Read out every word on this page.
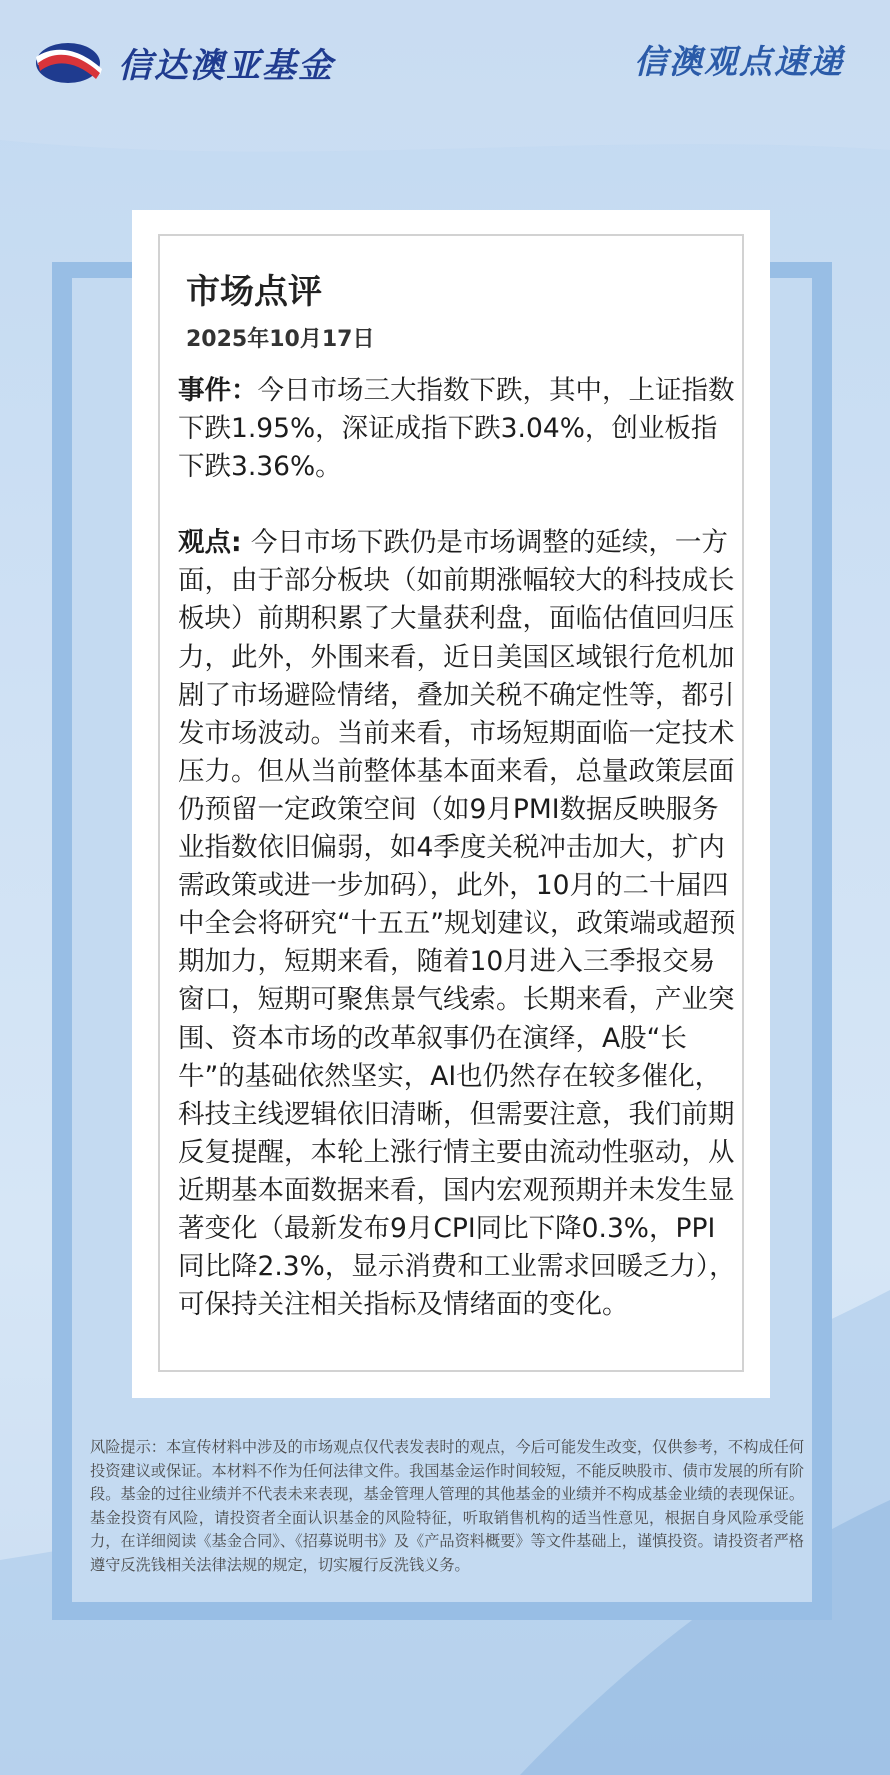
信达澳亚基金	信澳观点速递
市场点评
2025年10月17日

事件：今日市场三大指数下跌，其中，上证指数下跌1.95%，深证成指下跌3.04%，创业板指下跌3.36%。

观点: 今日市场下跌仍是市场调整的延续，一方面，由于部分板块（如前期涨幅较大的科技成长板块）前期积累了大量获利盘，面临估值回归压力，此外，外围来看，近日美国区域银行危机加剧了市场避险情绪，叠加关税不确定性等，都引发市场波动。当前来看，市场短期面临一定技术压力。但从当前整体基本面来看，总量政策层面仍预留一定政策空间（如9月PMI数据反映服务业指数依旧偏弱，如4季度关税冲击加大，扩内需政策或进一步加码），此外，10月的二十届四中全会将研究“十五五”规划建议，政策端或超预期加力，短期来看，随着10月进入三季报交易窗口，短期可聚焦景气线索。长期来看，产业突围、资本市场的改革叙事仍在演绎，A股“长牛”的基础依然坚实，AI也仍然存在较多催化，科技主线逻辑依旧清晰，但需要注意，我们前期反复提醒，本轮上涨行情主要由流动性驱动，从近期基本面数据来看，国内宏观预期并未发生显著变化（最新发布9月CPI同比下降0.3%，PPI同比降2.3%，显示消费和工业需求回暖乏力），可保持关注相关指标及情绪面的变化。

风险提示：本宣传材料中涉及的市场观点仅代表发表时的观点，今后可能发生改变，仅供参考，不构成任何投资建议或保证。本材料不作为任何法律文件。我国基金运作时间较短，不能反映股市、债市发展的所有阶段。基金的过往业绩并不代表未来表现，基金管理人管理的其他基金的业绩并不构成基金业绩的表现保证。基金投资有风险，请投资者全面认识基金的风险特征，听取销售机构的适当性意见，根据自身风险承受能力，在详细阅读《基金合同》、《招募说明书》及《产品资料概要》等文件基础上，谨慎投资。请投资者严格遵守反洗钱相关法律法规的规定，切实履行反洗钱义务。
